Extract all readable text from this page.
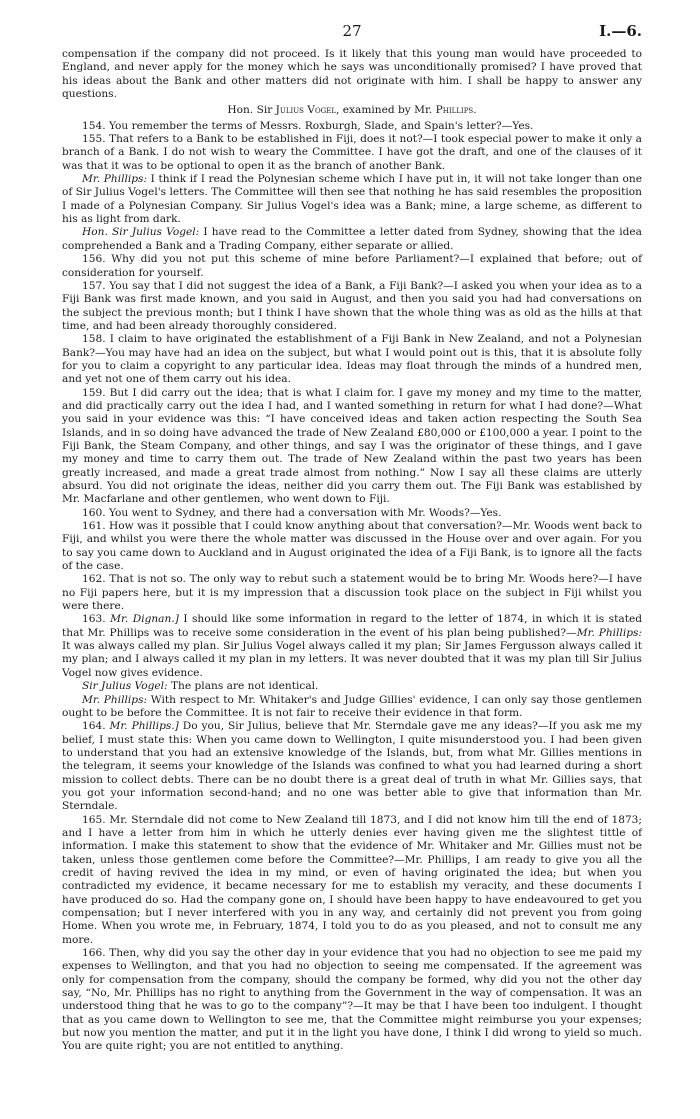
27	I.—6.

compensation if the company did not proceed. Is it likely that this young man would have proceeded to England, and never apply for the money which he says was unconditionally promised? I have proved that his ideas about the Bank and other matters did not originate with him. I shall be happy to answer any questions.

Hon. Sir Julius Vogel, examined by Mr. Phillips.

154. You remember the terms of Messrs. Roxburgh, Slade, and Spain's letter?—Yes.

155. That refers to a Bank to be established in Fiji, does it not?—I took especial power to make it only a branch of a Bank. I do not wish to weary the Committee. I have got the draft, and one of the clauses of it was that it was to be optional to open it as the branch of another Bank.

Mr. Phillips: I think if I read the Polynesian scheme which I have put in, it will not take longer than one of Sir Julius Vogel's letters. The Committee will then see that nothing he has said resembles the proposition I made of a Polynesian Company. Sir Julius Vogel's idea was a Bank; mine, a large scheme, as different to his as light from dark.

Hon. Sir Julius Vogel: I have read to the Committee a letter dated from Sydney, showing that the idea comprehended a Bank and a Trading Company, either separate or allied.

156. Why did you not put this scheme of mine before Parliament?—I explained that before; out of consideration for yourself.

157. You say that I did not suggest the idea of a Bank, a Fiji Bank?—I asked you when your idea as to a Fiji Bank was first made known, and you said in August, and then you said you had had conversations on the subject the previous month; but I think I have shown that the whole thing was as old as the hills at that time, and had been already thoroughly considered.

158. I claim to have originated the establishment of a Fiji Bank in New Zealand, and not a Polynesian Bank?—You may have had an idea on the subject, but what I would point out is this, that it is absolute folly for you to claim a copyright to any particular idea. Ideas may float through the minds of a hundred men, and yet not one of them carry out his idea.

159. But I did carry out the idea; that is what I claim for. I gave my money and my time to the matter, and did practically carry out the idea I had, and I wanted something in return for what I had done?—What you said in your evidence was this: “I have conceived ideas and taken action respecting the South Sea Islands, and in so doing have advanced the trade of New Zealand £80,000 or £100,000 a year. I point to the Fiji Bank, the Steam Company, and other things, and say I was the originator of these things, and I gave my money and time to carry them out. The trade of New Zealand within the past two years has been greatly increased, and made a great trade almost from nothing.” Now I say all these claims are utterly absurd. You did not originate the ideas, neither did you carry them out. The Fiji Bank was established by Mr. Macfarlane and other gentlemen, who went down to Fiji.

160. You went to Sydney, and there had a conversation with Mr. Woods?—Yes.

161. How was it possible that I could know anything about that conversation?—Mr. Woods went back to Fiji, and whilst you were there the whole matter was discussed in the House over and over again. For you to say you came down to Auckland and in August originated the idea of a Fiji Bank, is to ignore all the facts of the case.

162. That is not so. The only way to rebut such a statement would be to bring Mr. Woods here?—I have no Fiji papers here, but it is my impression that a discussion took place on the subject in Fiji whilst you were there.

163. Mr. Dignan.] I should like some information in regard to the letter of 1874, in which it is stated that Mr. Phillips was to receive some consideration in the event of his plan being published?—Mr. Phillips: It was always called my plan. Sir Julius Vogel always called it my plan; Sir James Fergusson always called it my plan; and I always called it my plan in my letters. It was never doubted that it was my plan till Sir Julius Vogel now gives evidence.

Sir Julius Vogel: The plans are not identical.

Mr. Phillips: With respect to Mr. Whitaker's and Judge Gillies' evidence, I can only say those gentlemen ought to be before the Committee. It is not fair to receive their evidence in that form.

164. Mr. Phillips.] Do you, Sir Julius, believe that Mr. Sterndale gave me any ideas?—If you ask me my belief, I must state this: When you came down to Wellington, I quite misunderstood you. I had been given to understand that you had an extensive knowledge of the Islands, but, from what Mr. Gillies mentions in the telegram, it seems your knowledge of the Islands was confined to what you had learned during a short mission to collect debts. There can be no doubt there is a great deal of truth in what Mr. Gillies says, that you got your information second-hand; and no one was better able to give that information than Mr. Sterndale.

165. Mr. Sterndale did not come to New Zealand till 1873, and I did not know him till the end of 1873; and I have a letter from him in which he utterly denies ever having given me the slightest tittle of information. I make this statement to show that the evidence of Mr. Whitaker and Mr. Gillies must not be taken, unless those gentlemen come before the Committee?—Mr. Phillips, I am ready to give you all the credit of having revived the idea in my mind, or even of having originated the idea; but when you contradicted my evidence, it became necessary for me to establish my veracity, and these documents I have produced do so. Had the company gone on, I should have been happy to have endeavoured to get you compensation; but I never interfered with you in any way, and certainly did not prevent you from going Home. When you wrote me, in February, 1874, I told you to do as you pleased, and not to consult me any more.

166. Then, why did you say the other day in your evidence that you had no objection to see me paid my expenses to Wellington, and that you had no objection to seeing me compensated. If the agreement was only for compensation from the company, should the company be formed, why did you not the other day say, “No, Mr. Phillips has no right to anything from the Government in the way of compensation. It was an understood thing that he was to go to the company”?—It may be that I have been too indulgent. I thought that as you came down to Wellington to see me, that the Committee might reimburse you your expenses; but now you mention the matter, and put it in the light you have done, I think I did wrong to yield so much. You are quite right; you are not entitled to anything.
